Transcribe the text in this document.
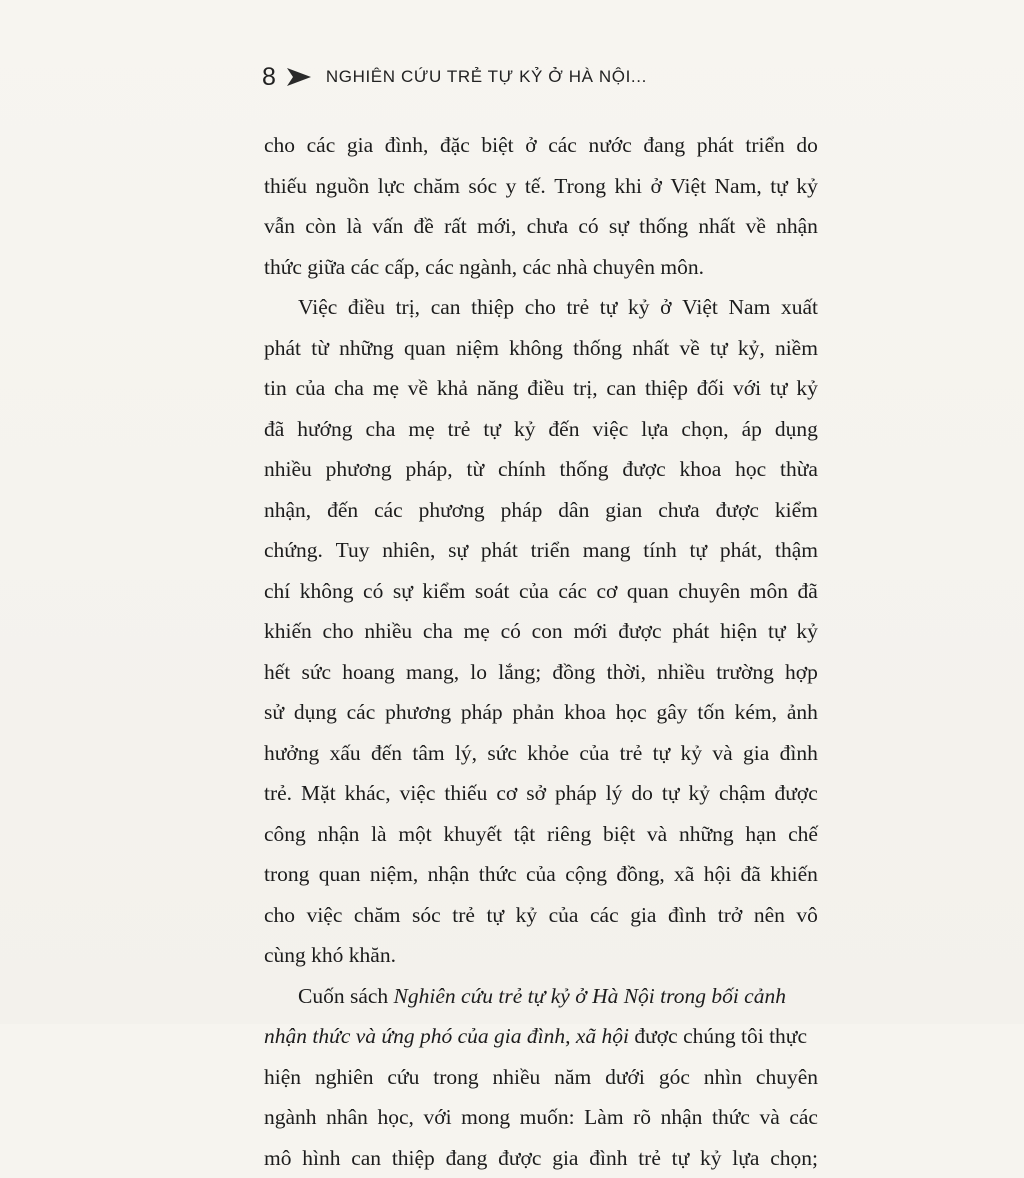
8	NGHIÊN CỨU TRẺ TỰ KỶ Ở HÀ NỘI...
cho các gia đình, đặc biệt ở các nước đang phát triển do
thiếu nguồn lực chăm sóc y tế. Trong khi ở Việt Nam, tự kỷ
vẫn còn là vấn đề rất mới, chưa có sự thống nhất về nhận
thức giữa các cấp, các ngành, các nhà chuyên môn.
Việc điều trị, can thiệp cho trẻ tự kỷ ở Việt Nam xuất
phát từ những quan niệm không thống nhất về tự kỷ, niềm
tin của cha mẹ về khả năng điều trị, can thiệp đối với tự kỷ
đã hướng cha mẹ trẻ tự kỷ đến việc lựa chọn, áp dụng
nhiều phương pháp, từ chính thống được khoa học thừa
nhận, đến các phương pháp dân gian chưa được kiểm
chứng. Tuy nhiên, sự phát triển mang tính tự phát, thậm
chí không có sự kiểm soát của các cơ quan chuyên môn đã
khiến cho nhiều cha mẹ có con mới được phát hiện tự kỷ
hết sức hoang mang, lo lắng; đồng thời, nhiều trường hợp
sử dụng các phương pháp phản khoa học gây tốn kém, ảnh
hưởng xấu đến tâm lý, sức khỏe của trẻ tự kỷ và gia đình
trẻ. Mặt khác, việc thiếu cơ sở pháp lý do tự kỷ chậm được
công nhận là một khuyết tật riêng biệt và những hạn chế
trong quan niệm, nhận thức của cộng đồng, xã hội đã khiến
cho việc chăm sóc trẻ tự kỷ của các gia đình trở nên vô
cùng khó khăn.
Cuốn sách
Nghiên cứu trẻ tự kỷ ở Hà Nội trong bối cảnh
nhận thức và ứng phó của gia đình, xã hội
được chúng tôi thực
hiện nghiên cứu trong nhiều năm dưới góc nhìn chuyên
ngành nhân học, với mong muốn: Làm rõ nhận thức và các
mô hình can thiệp đang được gia đình trẻ tự kỷ lựa chọn;
